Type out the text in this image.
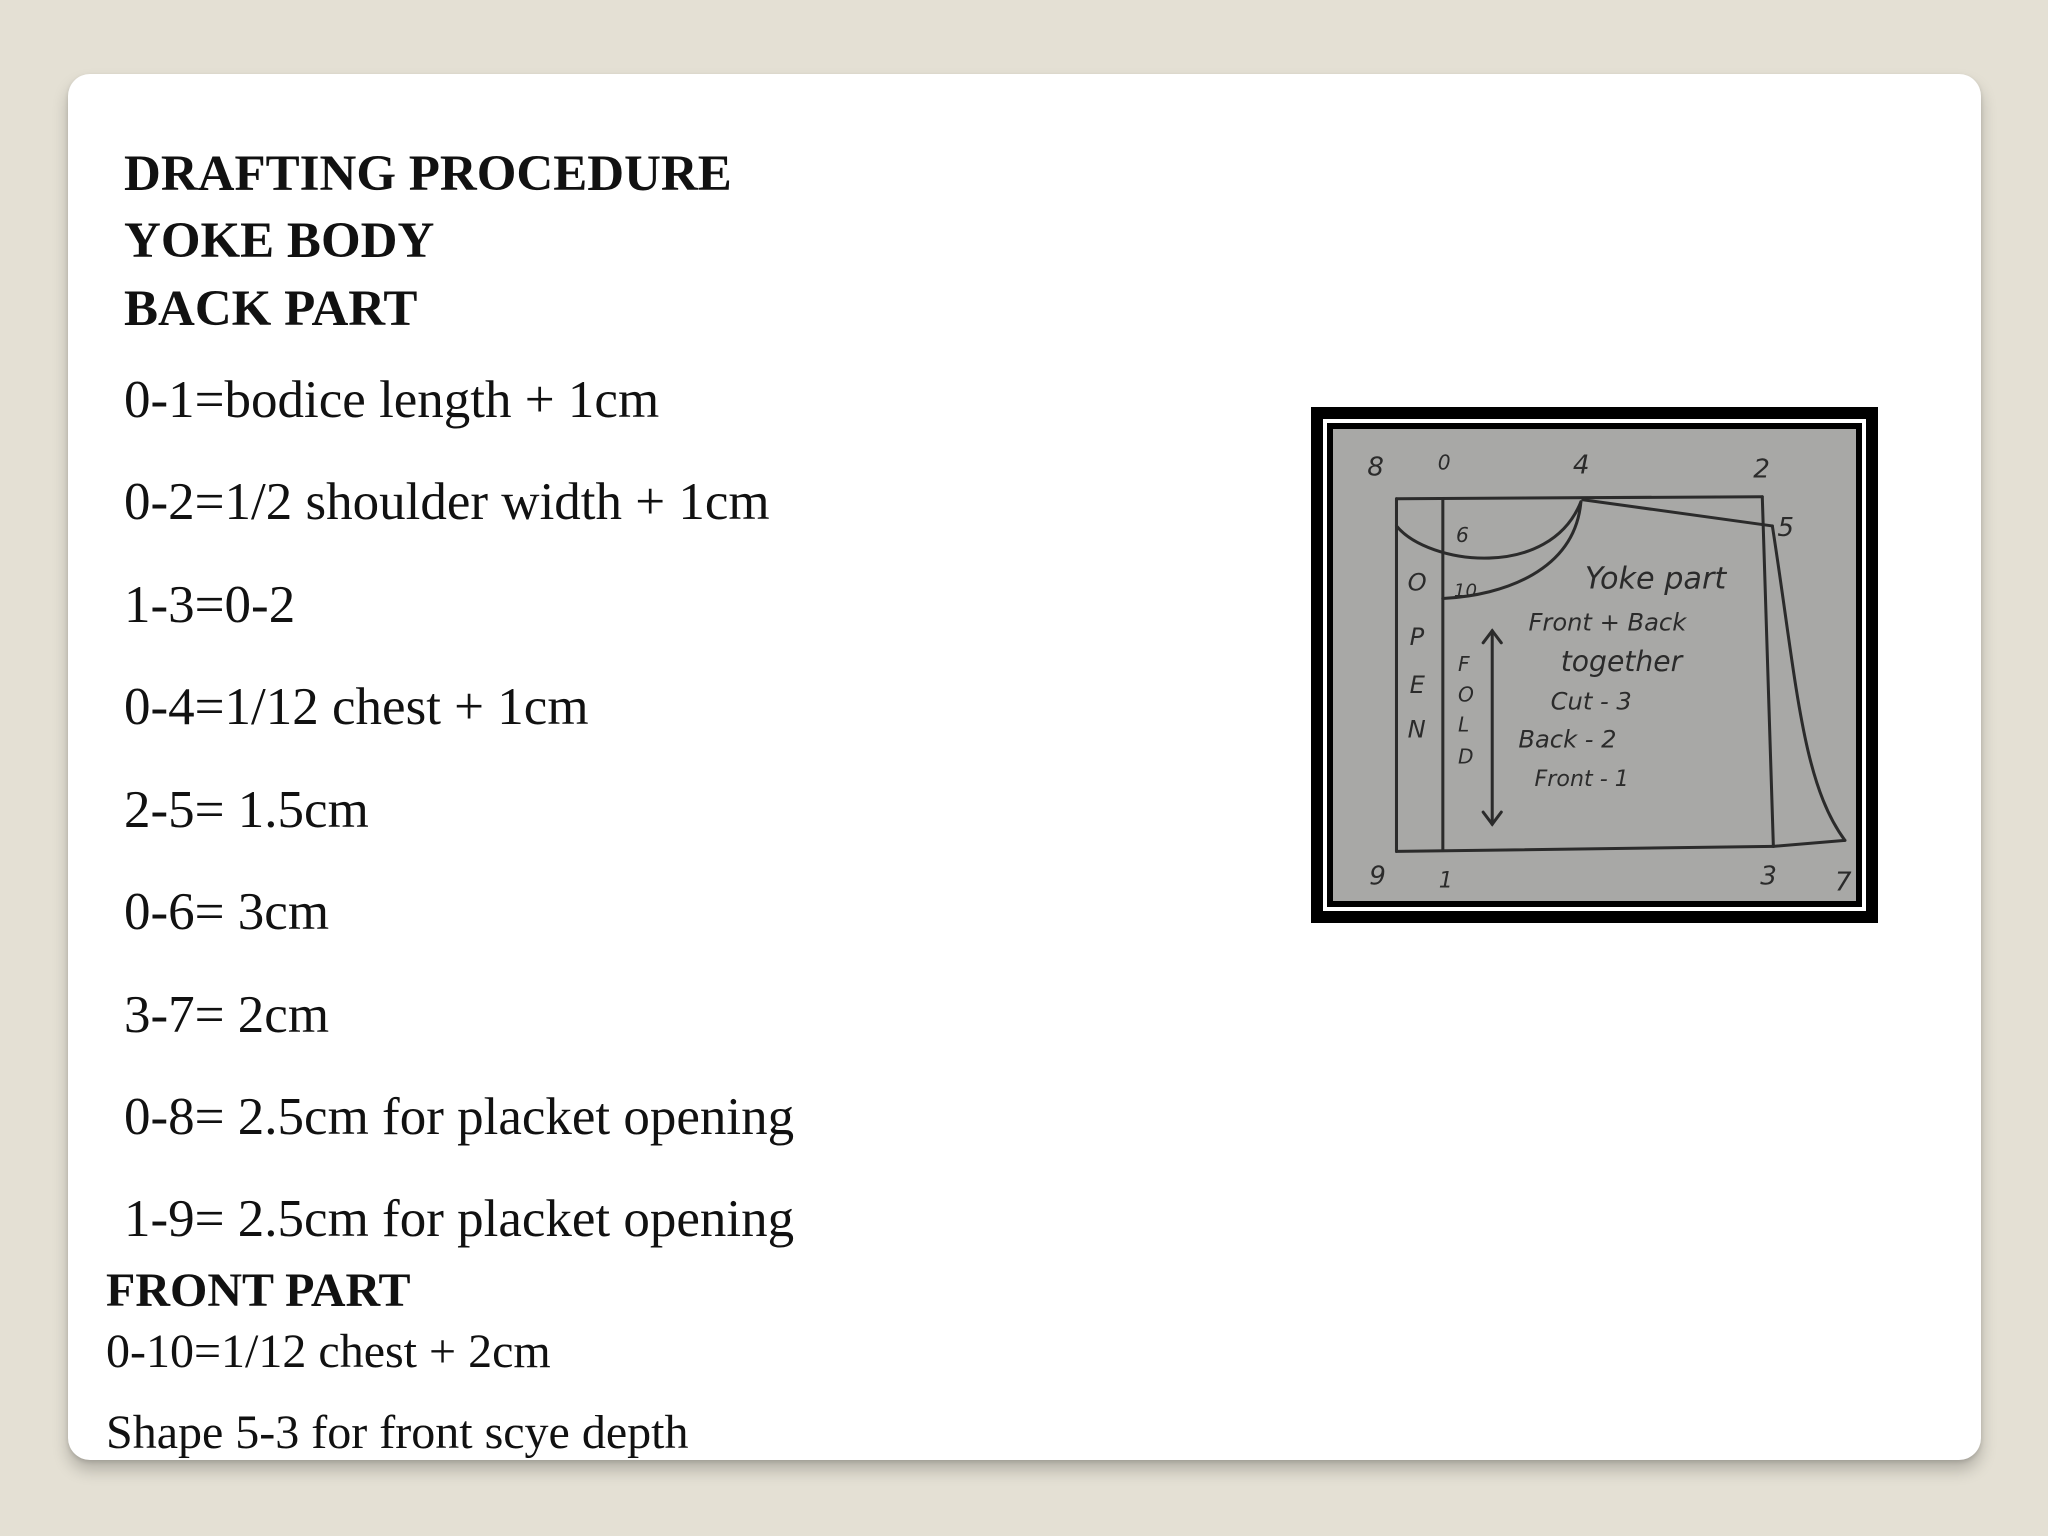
DRAFTING PROCEDURE
YOKE BODY
BACK PART
0-1=bodice length + 1cm
0-2=1/2 shoulder width + 1cm
1-3=0-2
0-4=1/12 chest + 1cm
2-5= 1.5cm
0-6= 3cm
3-7= 2cm
0-8= 2.5cm for placket opening
1-9= 2.5cm for placket opening
FRONT PART
0-10=1/12 chest + 2cm
Shape 5-3 for front scye depth
8	0	4	2
5
6
10
9 1	3 7
O
P
E
N
F
O
L
D
Yoke part
Front + Back
together
Cut - 3
Back - 2
Front - 1
